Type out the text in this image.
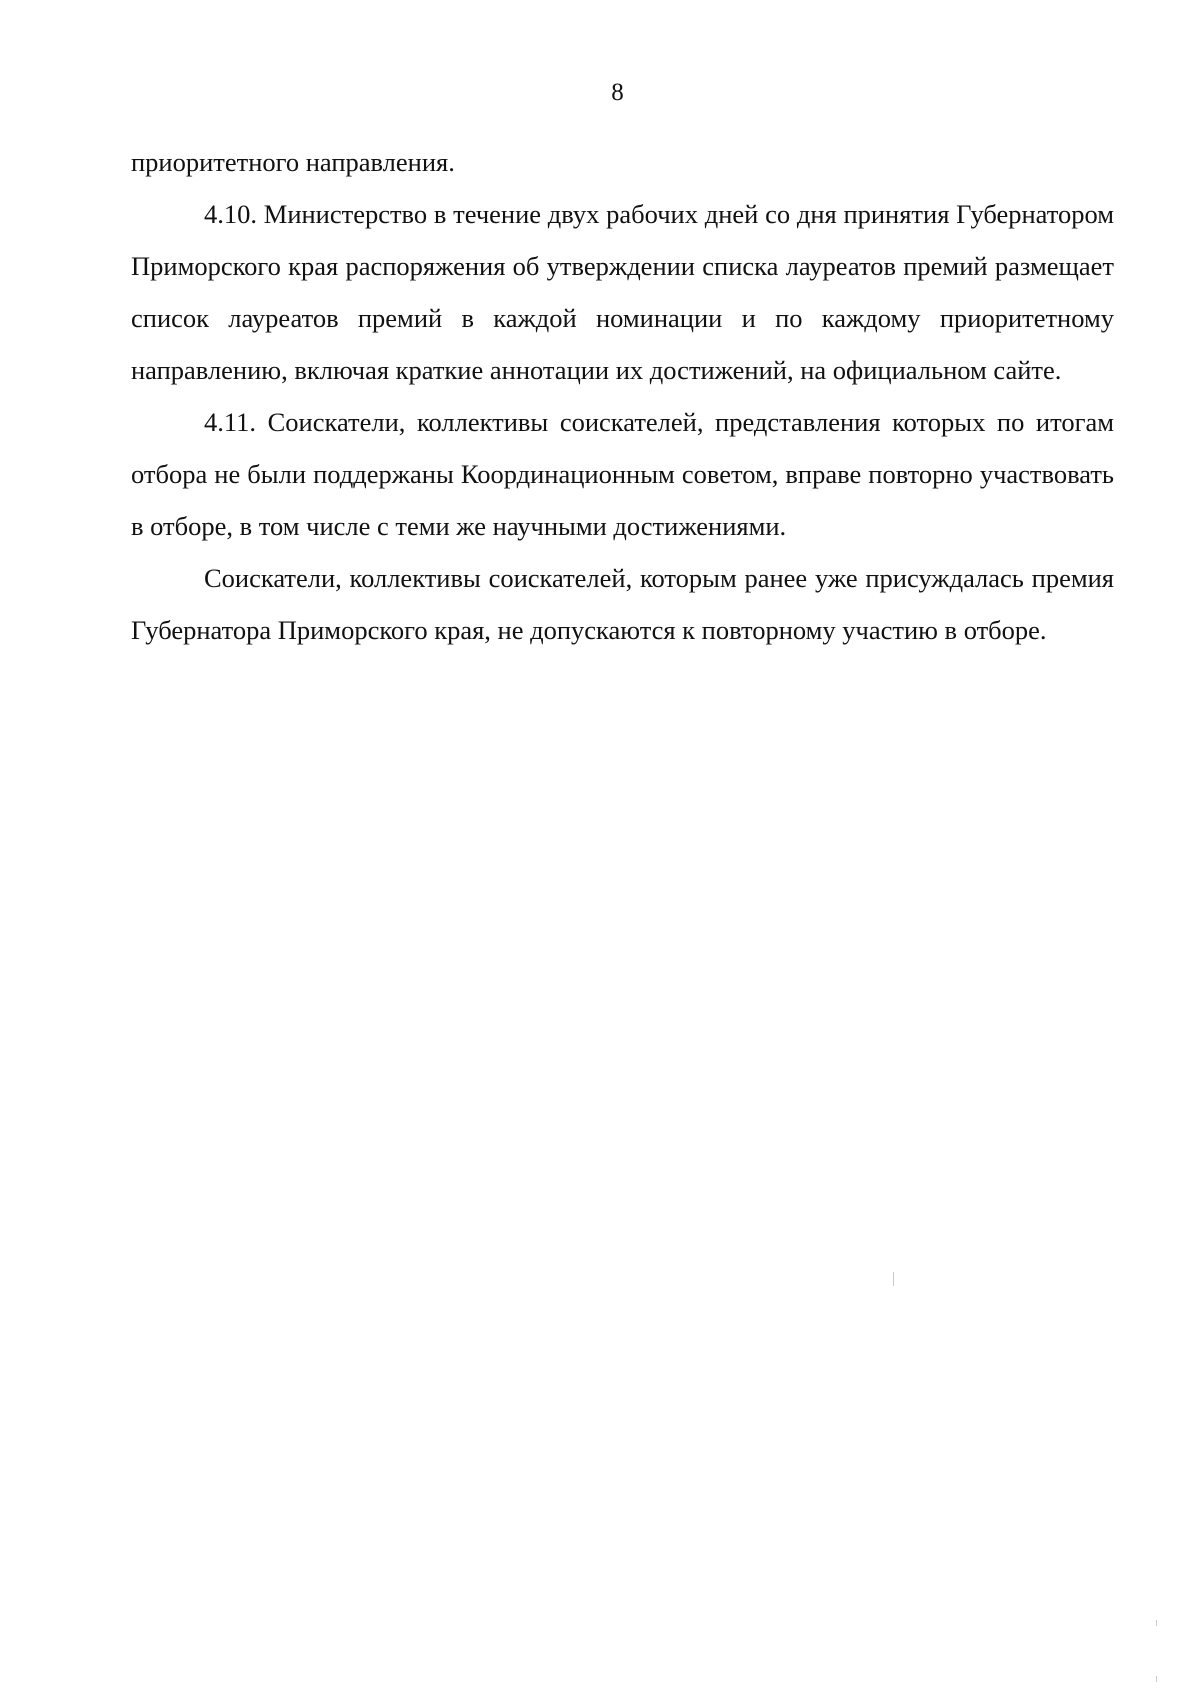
8

приоритетного направления.

4.10. Министерство в течение двух рабочих дней со дня принятия Губернатором Приморского края распоряжения об утверждении списка лауреатов премий размещает список лауреатов премий в каждой номинации и по каждому приоритетному направлению, включая краткие аннотации их достижений, на официальном сайте.

4.11. Соискатели, коллективы соискателей, представления которых по итогам отбора не были поддержаны Координационным советом, вправе повторно участвовать в отборе, в том числе с теми же научными достижениями.

Соискатели, коллективы соискателей, которым ранее уже присуждалась премия Губернатора Приморского края, не допускаются к повторному участию в отборе.
